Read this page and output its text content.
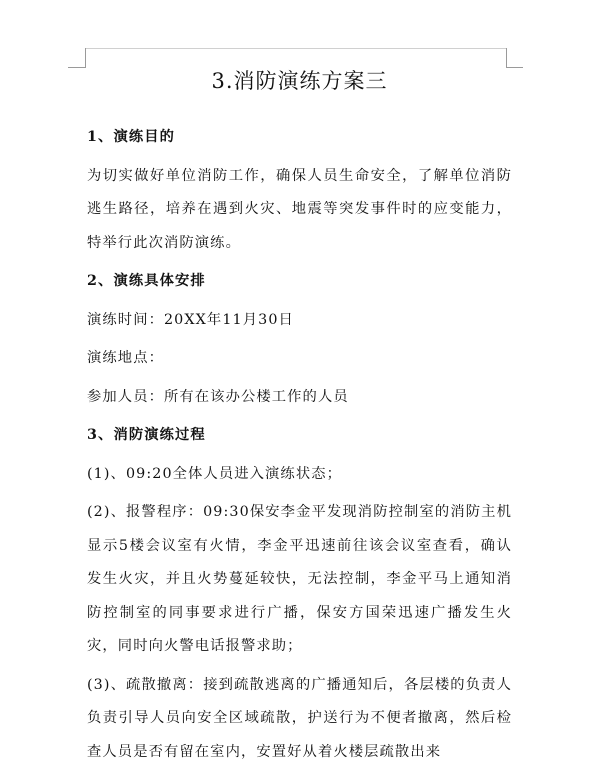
3.消防演练方案三

1、演练目的

为切实做好单位消防工作，确保人员生命安全，了解单位消防逃生路径，培养在遇到火灾、地震等突发事件时的应变能力，特举行此次消防演练。

2、演练具体安排

演练时间：20XX年11月30日

演练地点：

参加人员：所有在该办公楼工作的人员

3、消防演练过程

(1)、09:20全体人员进入演练状态；

(2)、报警程序：09:30保安李金平发现消防控制室的消防主机显示5楼会议室有火情，李金平迅速前往该会议室查看，确认发生火灾，并且火势蔓延较快，无法控制，李金平马上通知消防控制室的同事要求进行广播，保安方国荣迅速广播发生火灾，同时向火警电话报警求助；

(3)、疏散撤离：接到疏散逃离的广播通知后，各层楼的负责人负责引导人员向安全区域疏散，护送行为不便者撤离，然后检查人员是否有留在室内，安置好从着火楼层疏散出来
